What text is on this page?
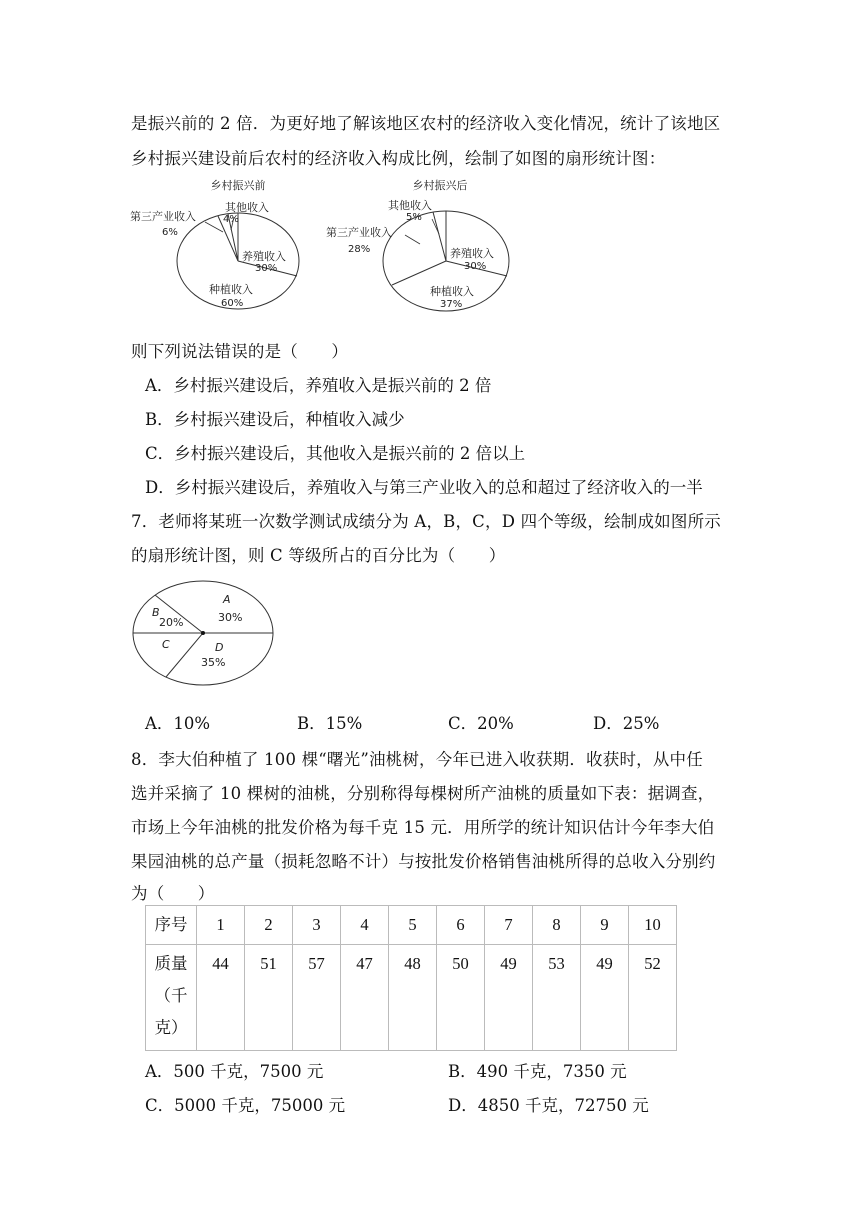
是振兴前的 2 倍．为更好地了解该地区农村的经济收入变化情况，统计了该地区
乡村振兴建设前后农村的经济收入构成比例，绘制了如图的扇形统计图：
乡村振兴前
其他收入
4%
第三产业收入
6%
养殖收入
30%
种植收入
60%
乡村振兴后
其他收入
5%
第三产业收入
28%	养殖收入
30%
种植收入
37%
则下列说法错误的是（　　）
A．乡村振兴建设后，养殖收入是振兴前的 2 倍
B．乡村振兴建设后，种植收入减少
C．乡村振兴建设后，其他收入是振兴前的 2 倍以上
D．乡村振兴建设后，养殖收入与第三产业收入的总和超过了经济收入的一半
7．老师将某班一次数学测试成绩分为 A，B，C，D 四个等级，绘制成如图所示
的扇形统计图，则 C 等级所占的百分比为（　　）
A
30%
B
20%
C	D
35%
A．10%	B．15%	C．20%	D．25%
8．李大伯种植了 100 棵“曙光”油桃树，今年已进入收获期．收获时，从中任
选并采摘了 10 棵树的油桃，分别称得每棵树所产油桃的质量如下表：据调查，
市场上今年油桃的批发价格为每千克 15 元．用所学的统计知识估计今年李大伯
果园油桃的总产量（损耗忽略不计）与按批发价格销售油桃所得的总收入分别约
为（　　）
序号	1	2	3	4	5	6	7	8	9	10

质量
（千
克）	44	51	57	47	48	50	49	53	49	52
A．500 千克，7500 元	B．490 千克，7350 元
C．5000 千克，75000 元	D．4850 千克，72750 元
